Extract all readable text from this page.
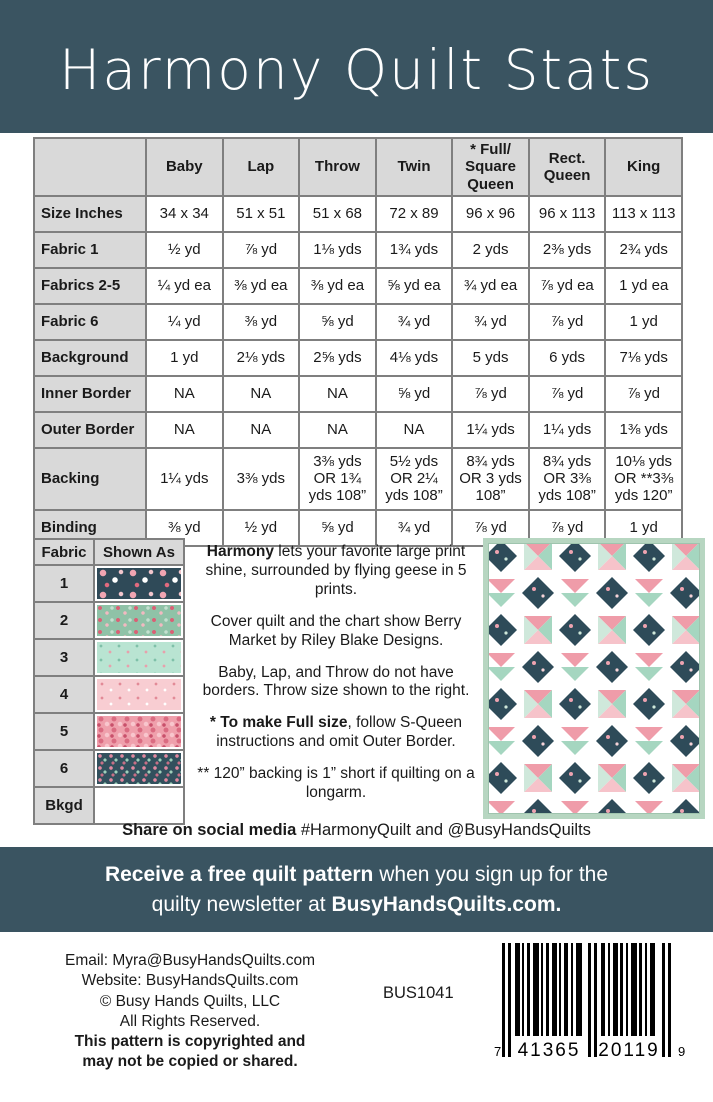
Harmony Quilt Stats
	Baby	Lap	Throw	Twin	* Full/ Square Queen	Rect. Queen	King
Size Inches	34 x 34	51 x 51	51 x 68	72 x 89	96 x 96	96 x 113	113 x 113
Fabric 1	½ yd	⅞ yd	1⅛ yds	1¾ yds	2 yds	2⅜ yds	2¾ yds
Fabrics 2-5	¼ yd ea	⅜ yd ea	⅜ yd ea	⅝ yd ea	¾ yd ea	⅞ yd ea	1 yd ea
Fabric 6	¼ yd	⅜ yd	⅝ yd	¾ yd	¾ yd	⅞ yd	1 yd
Background	1 yd	2⅛ yds	2⅝ yds	4⅛ yds	5 yds	6 yds	7⅛ yds
Inner Border	NA	NA	NA	⅝ yd	⅞ yd	⅞ yd	⅞ yd
Outer Border	NA	NA	NA	NA	1¼ yds	1¼ yds	1⅜ yds
Backing	1¼ yds	3⅜ yds	3⅜ yds OR 1¾ yds 108”	5½ yds OR 2¼ yds 108”	8¾ yds OR 3 yds 108”	8¾ yds OR 3⅜ yds 108”	10⅛ yds OR **3⅜ yds 120”
Binding	⅜ yd	½ yd	⅝ yd	¾ yd	⅞ yd	⅞ yd	1 yd
Fabric	Shown As
1	

2	

3	

4	

5	

6	

Bkgd	

Harmony lets your favorite large print shine, surrounded by flying geese in 5 prints.

Cover quilt and the chart show Berry Market by Riley Blake Designs.

Baby, Lap, and Throw do not have borders. Throw size shown to the right.

* To make Full size, follow S-Queen instructions and omit Outer Border.

** 120” backing is 1” short if quilting on a longarm.

Share on social media #HarmonyQuilt and @BusyHandsQuilts
Receive a free quilt pattern when you sign up for the
quilty newsletter at BusyHandsQuilts.com.
Email: Myra@BusyHandsQuilts.com
Website: BusyHandsQuilts.com
© Busy Hands Quilts, LLC
All Rights Reserved.
This pattern is copyrighted and
may not be copied or shared.
BUS1041
7 41365 20119 9
